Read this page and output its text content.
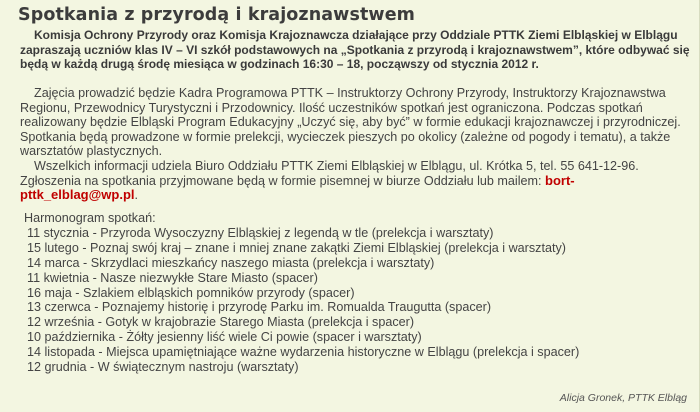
Spotkania z przyrodą i krajoznawstwem
Komisja Ochrony Przyrody oraz Komisja Krajoznawcza działające przy Oddziale PTTK Ziemi Elbląskiej w Elblągu zapraszają uczniów klas IV – VI szkół podstawowych na „Spotkania z przyrodą i krajoznawstwem”, które odbywać się będą w każdą drugą środę miesiąca w godzinach 16:30 – 18, począwszy od stycznia 2012 r.

Zajęcia prowadzić będzie Kadra Programowa PTTK – Instruktorzy Ochrony Przyrody, Instruktorzy Krajoznawstwa Regionu, Przewodnicy Turystyczni i Przodownicy. Ilość uczestników spotkań jest ograniczona. Podczas spotkań realizowany będzie Elbląski Program Edukacyjny „Uczyć się, aby być” w formie edukacji krajoznawczej i przyrodniczej. Spotkania będą prowadzone w formie prelekcji, wycieczek pieszych po okolicy (zależne od pogody i tematu), a także warsztatów plastycznych.

Wszelkich informacji udziela Biuro Oddziału PTTK Ziemi Elbląskiej w Elblągu, ul. Krótka 5, tel. 55 641-12-96. Zgłoszenia na spotkania przyjmowane będą w formie pisemnej w biurze Oddziału lub mailem: bort-pttk_elblag@wp.pl.

Harmonogram spotkań:
11 stycznia - Przyroda Wysoczyzny Elbląskiej z legendą w tle (prelekcja i warsztaty)
15 lutego - Poznaj swój kraj – znane i mniej znane zakątki Ziemi Elbląskiej (prelekcja i warsztaty)
14 marca - Skrzydlaci mieszkańcy naszego miasta (prelekcja i warsztaty)
11 kwietnia - Nasze niezwykłe Stare Miasto (spacer)
16 maja - Szlakiem elbląskich pomników przyrody (spacer)
13 czerwca - Poznajemy historię i przyrodę Parku im. Romualda Traugutta (spacer)
12 września - Gotyk w krajobrazie Starego Miasta (prelekcja i spacer)
10 października - Żółty jesienny liść wiele Ci powie (spacer i warsztaty)
14 listopada - Miejsca upamiętniające ważne wydarzenia historyczne w Elblągu (prelekcja i spacer)
12 grudnia - W świątecznym nastroju (warsztaty)
Alicja Gronek, PTTK Elbląg
